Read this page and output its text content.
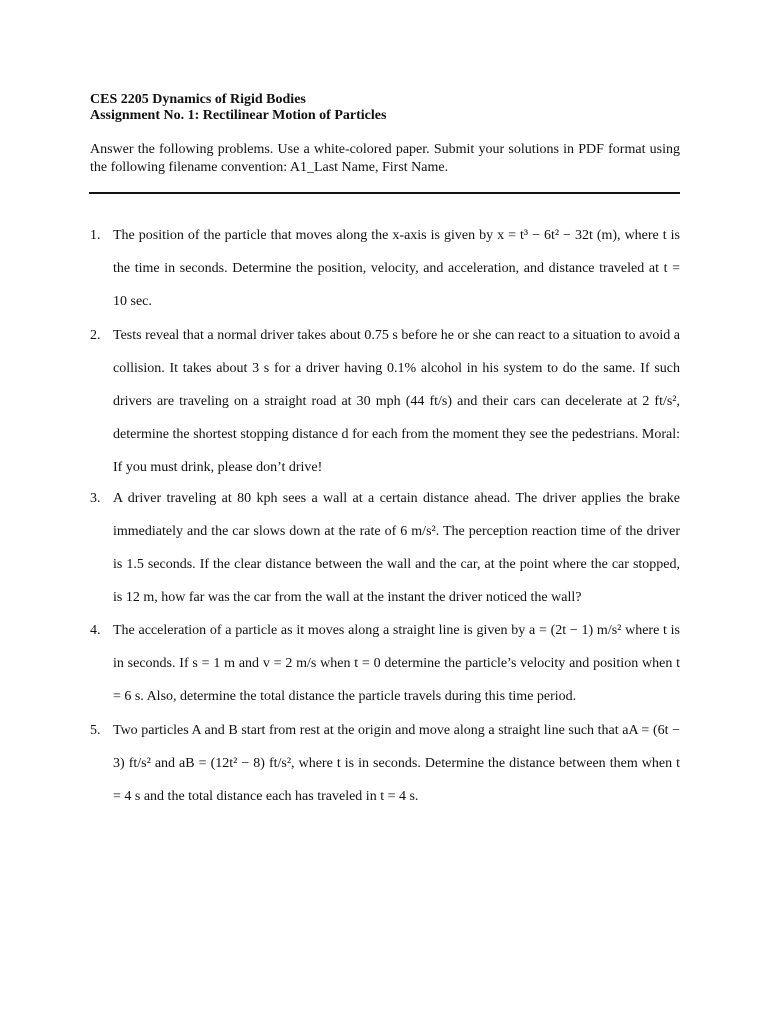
CES 2205 Dynamics of Rigid Bodies

Assignment No. 1: Rectilinear Motion of Particles

Answer the following problems. Use a white-colored paper. Submit your solutions in PDF format using the following filename convention: A1_Last Name, First Name.

1. The position of the particle that moves along the x-axis is given by x = t³ − 6t² − 32t (m), where t is the time in seconds. Determine the position, velocity, and acceleration, and distance traveled at t = 10 sec.

2. Tests reveal that a normal driver takes about 0.75 s before he or she can react to a situation to avoid a collision. It takes about 3 s for a driver having 0.1% alcohol in his system to do the same. If such drivers are traveling on a straight road at 30 mph (44 ft/s) and their cars can decelerate at 2 ft/s², determine the shortest stopping distance d for each from the moment they see the pedestrians. Moral: If you must drink, please don’t drive!

3. A driver traveling at 80 kph sees a wall at a certain distance ahead. The driver applies the brake immediately and the car slows down at the rate of 6 m/s². The perception reaction time of the driver is 1.5 seconds. If the clear distance between the wall and the car, at the point where the car stopped, is 12 m, how far was the car from the wall at the instant the driver noticed the wall?

4. The acceleration of a particle as it moves along a straight line is given by a = (2t − 1) m/s² where t is in seconds. If s = 1 m and v = 2 m/s when t = 0 determine the particle’s velocity and position when t = 6 s. Also, determine the total distance the particle travels during this time period.

5. Two particles A and B start from rest at the origin and move along a straight line such that aA = (6t − 3) ft/s² and aB = (12t² − 8) ft/s², where t is in seconds. Determine the distance between them when t = 4 s and the total distance each has traveled in t = 4 s.
